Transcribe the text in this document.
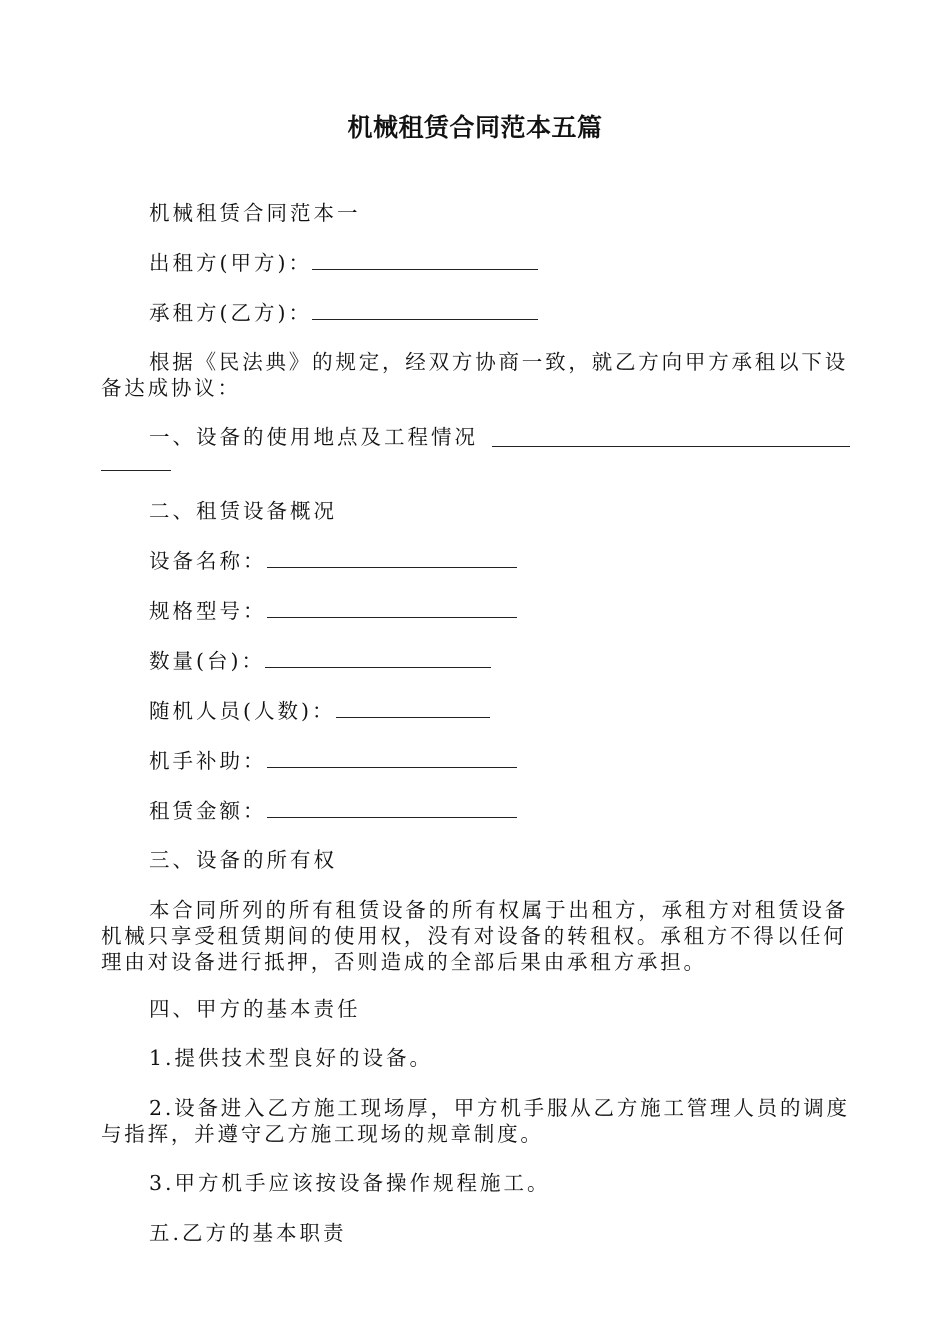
机械租赁合同范本五篇
机械租赁合同范本一
出租方(甲方)：
承租方(乙方)：
根据《民法典》的规定，经双方协商一致，就乙方向甲方承租以下设备达成协议：
一、设备的使用地点及工程情况
二、租赁设备概况
设备名称：
规格型号：
数量(台)：
随机人员(人数)：
机手补助：
租赁金额：
三、设备的所有权
本合同所列的所有租赁设备的所有权属于出租方，承租方对租赁设备机械只享受租赁期间的使用权，没有对设备的转租权。承租方不得以任何理由对设备进行抵押，否则造成的全部后果由承租方承担。
四、甲方的基本责任
1.提供技术型良好的设备。
2.设备进入乙方施工现场厚，甲方机手服从乙方施工管理人员的调度与指挥，并遵守乙方施工现场的规章制度。
3.甲方机手应该按设备操作规程施工。
五.乙方的基本职责
